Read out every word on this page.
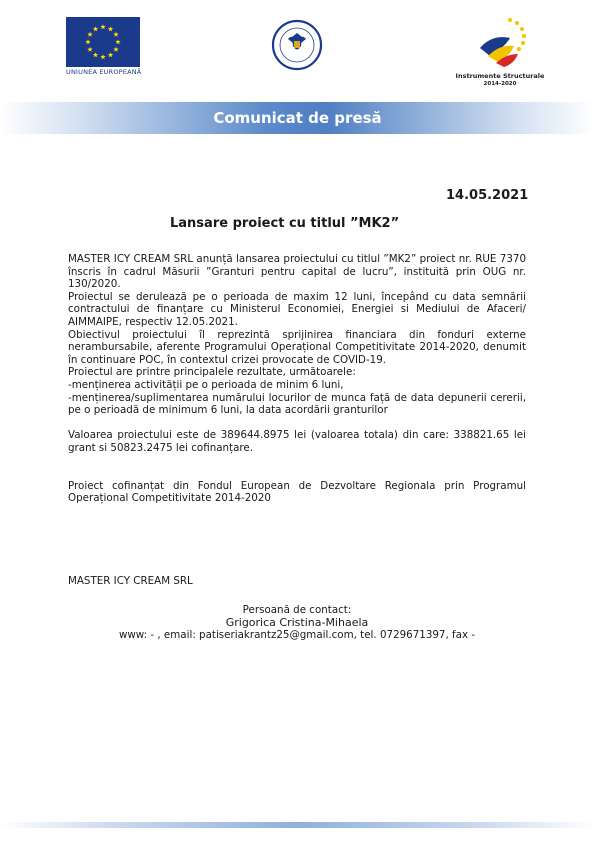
UNIUNEA EUROPEANĂ	Instrumente Structurale
2014-2020
Comunicat de presă
14.05.2021
Lansare proiect cu titlul ”MK2”

MASTER ICY CREAM SRL anunță lansarea proiectului cu titlul ”MK2” proiect nr. RUE 7370 înscris în cadrul Măsurii ”Granturi pentru capital de lucru”, instituită prin OUG nr. 130/2020.

Proiectul se derulează pe o perioada de maxim 12 luni, începând cu data semnării contractului de finanțare cu Ministerul Economiei, Energiei si Mediului de Afaceri/ AIMMAIPE, respectiv 12.05.2021.

Obiectivul proiectului îl reprezintă sprijinirea financiara din fonduri externe nerambursabile, aferente Programului Operațional Competitivitate 2014-2020, denumit în continuare POC, în contextul crizei provocate de COVID-19.

Proiectul are printre principalele rezultate, următoarele:

-menținerea activității pe o perioada de minim 6 luni,

-menținerea/suplimentarea numărului locurilor de munca față de data depunerii cererii, pe o perioadă de minimum 6 luni, la data acordării granturilor

Valoarea proiectului este de 389644.8975 lei (valoarea totala) din care: 338821.65 lei grant si 50823.2475 lei cofinanțare.

Proiect cofinanțat din Fondul European de Dezvoltare Regionala prin Programul Operațional Competitivitate 2014-2020

MASTER ICY CREAM SRL
Persoană de contact:
Grigorica Cristina-Mihaela
www: - , email: patiseriakrantz25@gmail.com, tel. 0729671397, fax -
